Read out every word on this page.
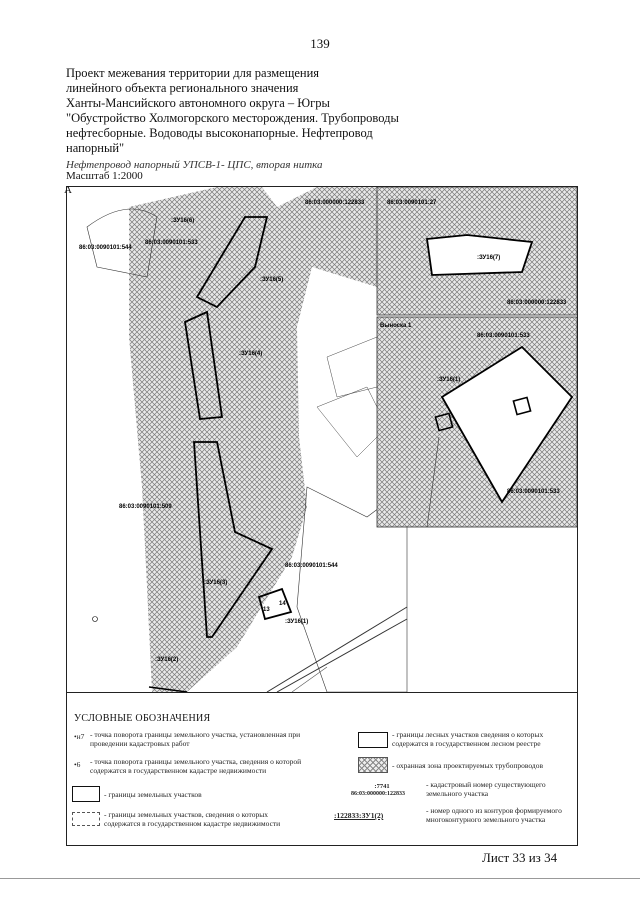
139
Проект межевания территории для размещения
линейного объекта регионального значения
Ханты-Мансийского автономного округа – Югры
"Обустройство Холмогорского месторождения. Трубопроводы
нефтесборные. Водоводы высоконапорные. Нефтепровод напорный"
Нефтепровод напорный УПСВ-1- ЦПС, вторая нитка
Масштаб 1:2000
:ЗУ16(6)
:ЗУ16(5)
:ЗУ16(4)
:ЗУ16(3)
:ЗУ16(2)
:ЗУ16(1)
:ЗУ16(7)
:ЗУ16(1)
86:03:000000:122833
86:03:0090101:544
86:03:0090101:533
86:03:0090101:509
86:03:0090101:27
86:03:000000:122833
86:03:0090101:533
86:03:0090101:533
86:03:0090101:544
Выноска 1
13
14
А
УСЛОВНЫЕ ОБОЗНАЧЕНИЯ
•н7 - точка поворота границы земельного участка, установленная при проведении кадастровых работ
•6	- точка поворота границы земельного участка, сведения о которой содержатся в государственном кадастре недвижимости
- границы земельных участков
- границы земельных участков, сведения о которых содержатся в государственном кадастре недвижимости
- границы лесных участков сведения о которых содержатся в государственном лесном реестре
- охранная зона проектируемых трубопроводов
:7741
86:03:000000:122833
- кадастровый номер существующего земельного участка
:122833:ЗУ1(2)
- номер одного из контуров формируемого многоконтурного земельного участка
Лист 33 из 34
